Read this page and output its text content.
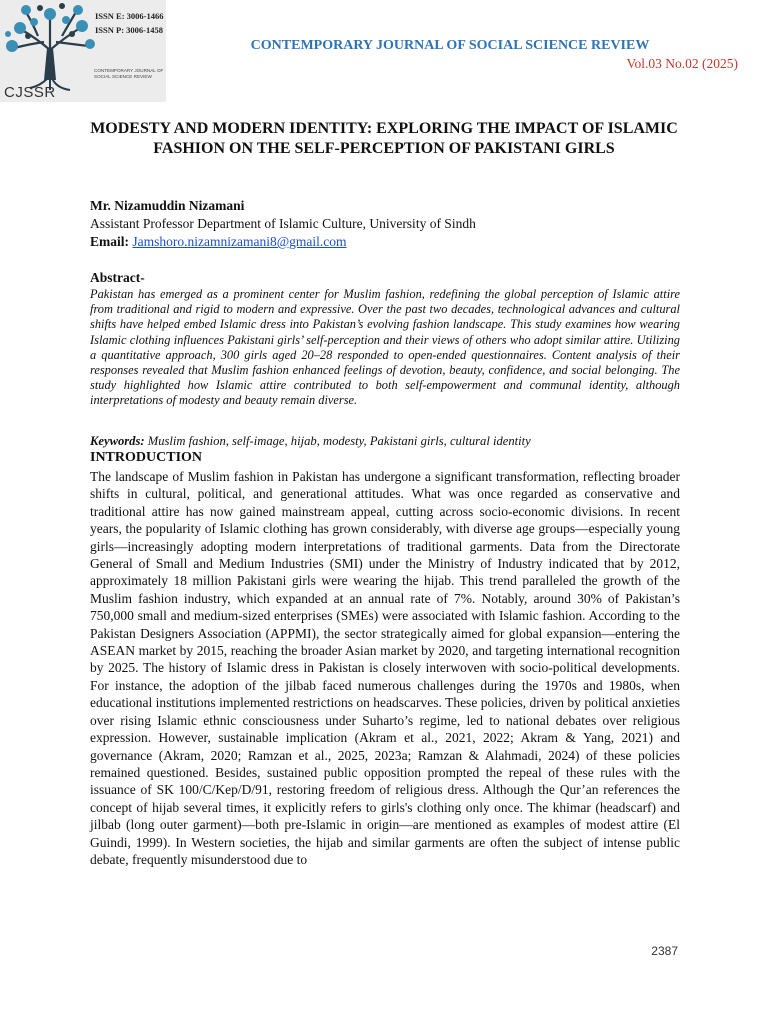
ISSN E: 3006-1466
ISSN P: 3006-1458
CONTEMPORARY JOURNAL OF SOCIAL SCIENCE REVIEW
CJSSR
CONTEMPORARY JOURNAL OF SOCIAL SCIENCE REVIEW
Vol.03 No.02 (2025)
MODESTY AND MODERN IDENTITY: EXPLORING THE IMPACT OF ISLAMIC FASHION ON THE SELF-PERCEPTION OF PAKISTANI GIRLS
Mr. Nizamuddin Nizamani
Assistant Professor Department of Islamic Culture, University of Sindh
Email: Jamshoro.nizamnizamani8@gmail.com
Abstract-
Pakistan has emerged as a prominent center for Muslim fashion, redefining the global perception of Islamic attire from traditional and rigid to modern and expressive. Over the past two decades, technological advances and cultural shifts have helped embed Islamic dress into Pakistan’s evolving fashion landscape. This study examines how wearing Islamic clothing influences Pakistani girls’ self-perception and their views of others who adopt similar attire. Utilizing a quantitative approach, 300 girls aged 20–28 responded to open-ended questionnaires. Content analysis of their responses revealed that Muslim fashion enhanced feelings of devotion, beauty, confidence, and social belonging. The study highlighted how Islamic attire contributed to both self-empowerment and communal identity, although interpretations of modesty and beauty remain diverse.
Keywords: Muslim fashion, self-image, hijab, modesty, Pakistani girls, cultural identity
INTRODUCTION
The landscape of Muslim fashion in Pakistan has undergone a significant transformation, reflecting broader shifts in cultural, political, and generational attitudes. What was once regarded as conservative and traditional attire has now gained mainstream appeal, cutting across socio-economic divisions. In recent years, the popularity of Islamic clothing has grown considerably, with diverse age groups—especially young girls—increasingly adopting modern interpretations of traditional garments. Data from the Directorate General of Small and Medium Industries (SMI) under the Ministry of Industry indicated that by 2012, approximately 18 million Pakistani girls were wearing the hijab. This trend paralleled the growth of the Muslim fashion industry, which expanded at an annual rate of 7%. Notably, around 30% of Pakistan’s 750,000 small and medium-sized enterprises (SMEs) were associated with Islamic fashion. According to the Pakistan Designers Association (APPMI), the sector strategically aimed for global expansion—entering the ASEAN market by 2015, reaching the broader Asian market by 2020, and targeting international recognition by 2025. The history of Islamic dress in Pakistan is closely interwoven with socio-political developments. For instance, the adoption of the jilbab faced numerous challenges during the 1970s and 1980s, when educational institutions implemented restrictions on headscarves. These policies, driven by political anxieties over rising Islamic ethnic consciousness under Suharto’s regime, led to national debates over religious expression. However, sustainable implication (Akram et al., 2021, 2022; Akram & Yang, 2021) and governance (Akram, 2020; Ramzan et al., 2025, 2023a; Ramzan & Alahmadi, 2024) of these policies remained questioned. Besides, sustained public opposition prompted the repeal of these rules with the issuance of SK 100/C/Kep/D/91, restoring freedom of religious dress. Although the Qur’an references the concept of hijab several times, it explicitly refers to girls's clothing only once. The khimar (headscarf) and jilbab (long outer garment)—both pre-Islamic in origin—are mentioned as examples of modest attire (El Guindi, 1999). In Western societies, the hijab and similar garments are often the subject of intense public debate, frequently misunderstood due to
2387
